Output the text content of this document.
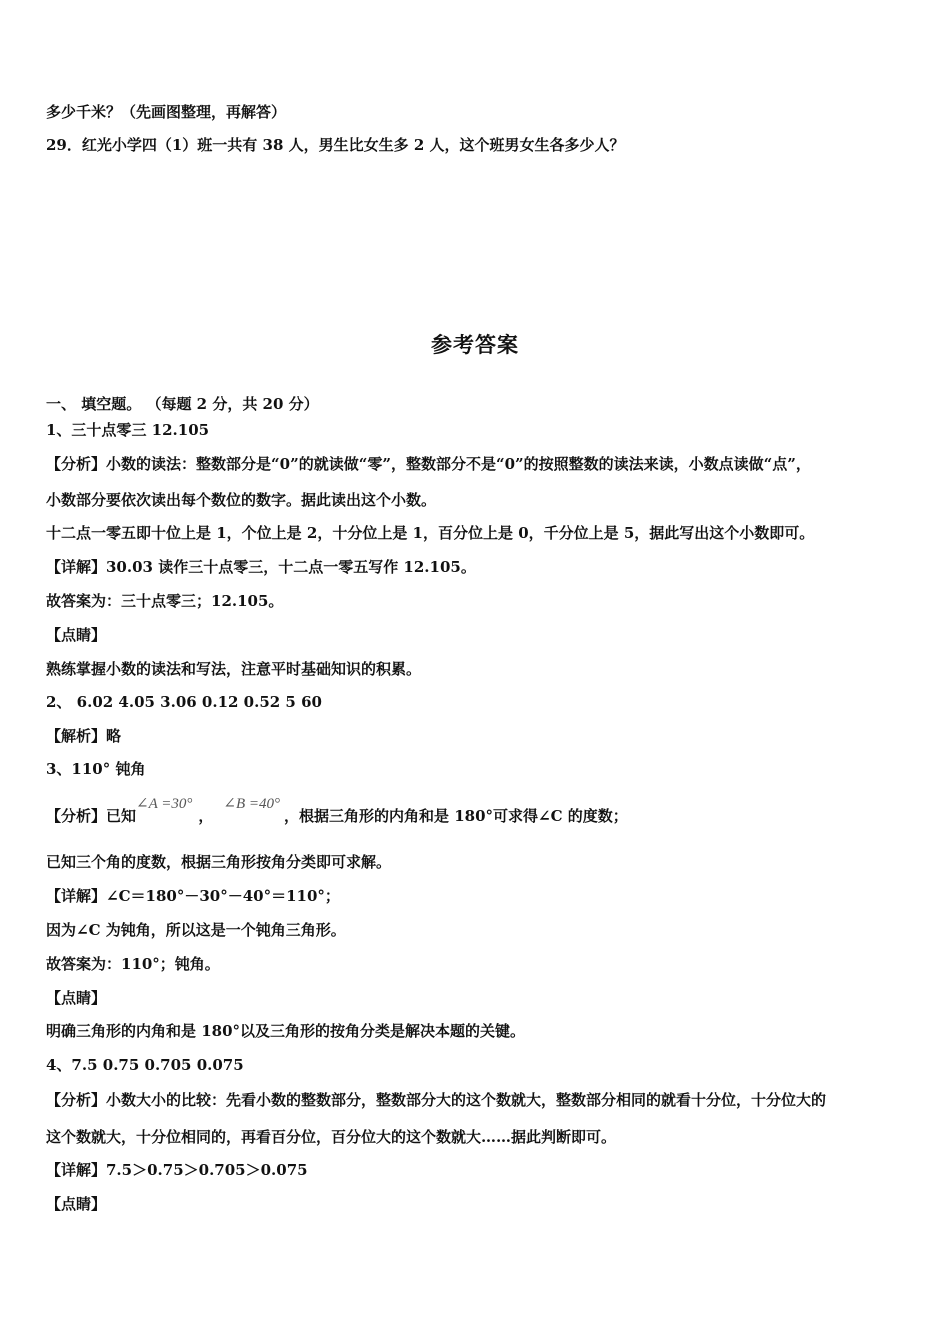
多少千米？（先画图整理，再解答）
29．红光小学四（1）班一共有 38 人，男生比女生多 2 人，这个班男女生各多少人？
参考答案
一、 填空题。 （每题 2 分，共 20 分）
1、三十点零三 12.105
【分析】小数的读法：整数部分是“0”的就读做“零”，整数部分不是“0”的按照整数的读法来读，小数点读做“点”，
小数部分要依次读出每个数位的数字。据此读出这个小数。
十二点一零五即十位上是 1，个位上是 2，十分位上是 1，百分位上是 0，千分位上是 5，据此写出这个小数即可。
【详解】30.03 读作三十点零三，十二点一零五写作 12.105。
故答案为：三十点零三；12.105。
【点睛】
熟练掌握小数的读法和写法，注意平时基础知识的积累。
2、 6.02 4.05 3.06 0.12 0.52 5 60
【解析】略
3、110° 钝角
【分析】已知∠A =30°，∠B =40°，根据三角形的内角和是 180°可求得∠C 的度数；
已知三个角的度数，根据三角形按角分类即可求解。
【详解】∠C＝180°－30°－40°＝110°；
因为∠C 为钝角，所以这是一个钝角三角形。
故答案为：110°；钝角。
【点睛】
明确三角形的内角和是 180°以及三角形的按角分类是解决本题的关键。
4、7.5 0.75 0.705 0.075
【分析】小数大小的比较：先看小数的整数部分，整数部分大的这个数就大，整数部分相同的就看十分位，十分位大的
这个数就大，十分位相同的，再看百分位，百分位大的这个数就大……据此判断即可。
【详解】7.5＞0.75＞0.705＞0.075
【点睛】
